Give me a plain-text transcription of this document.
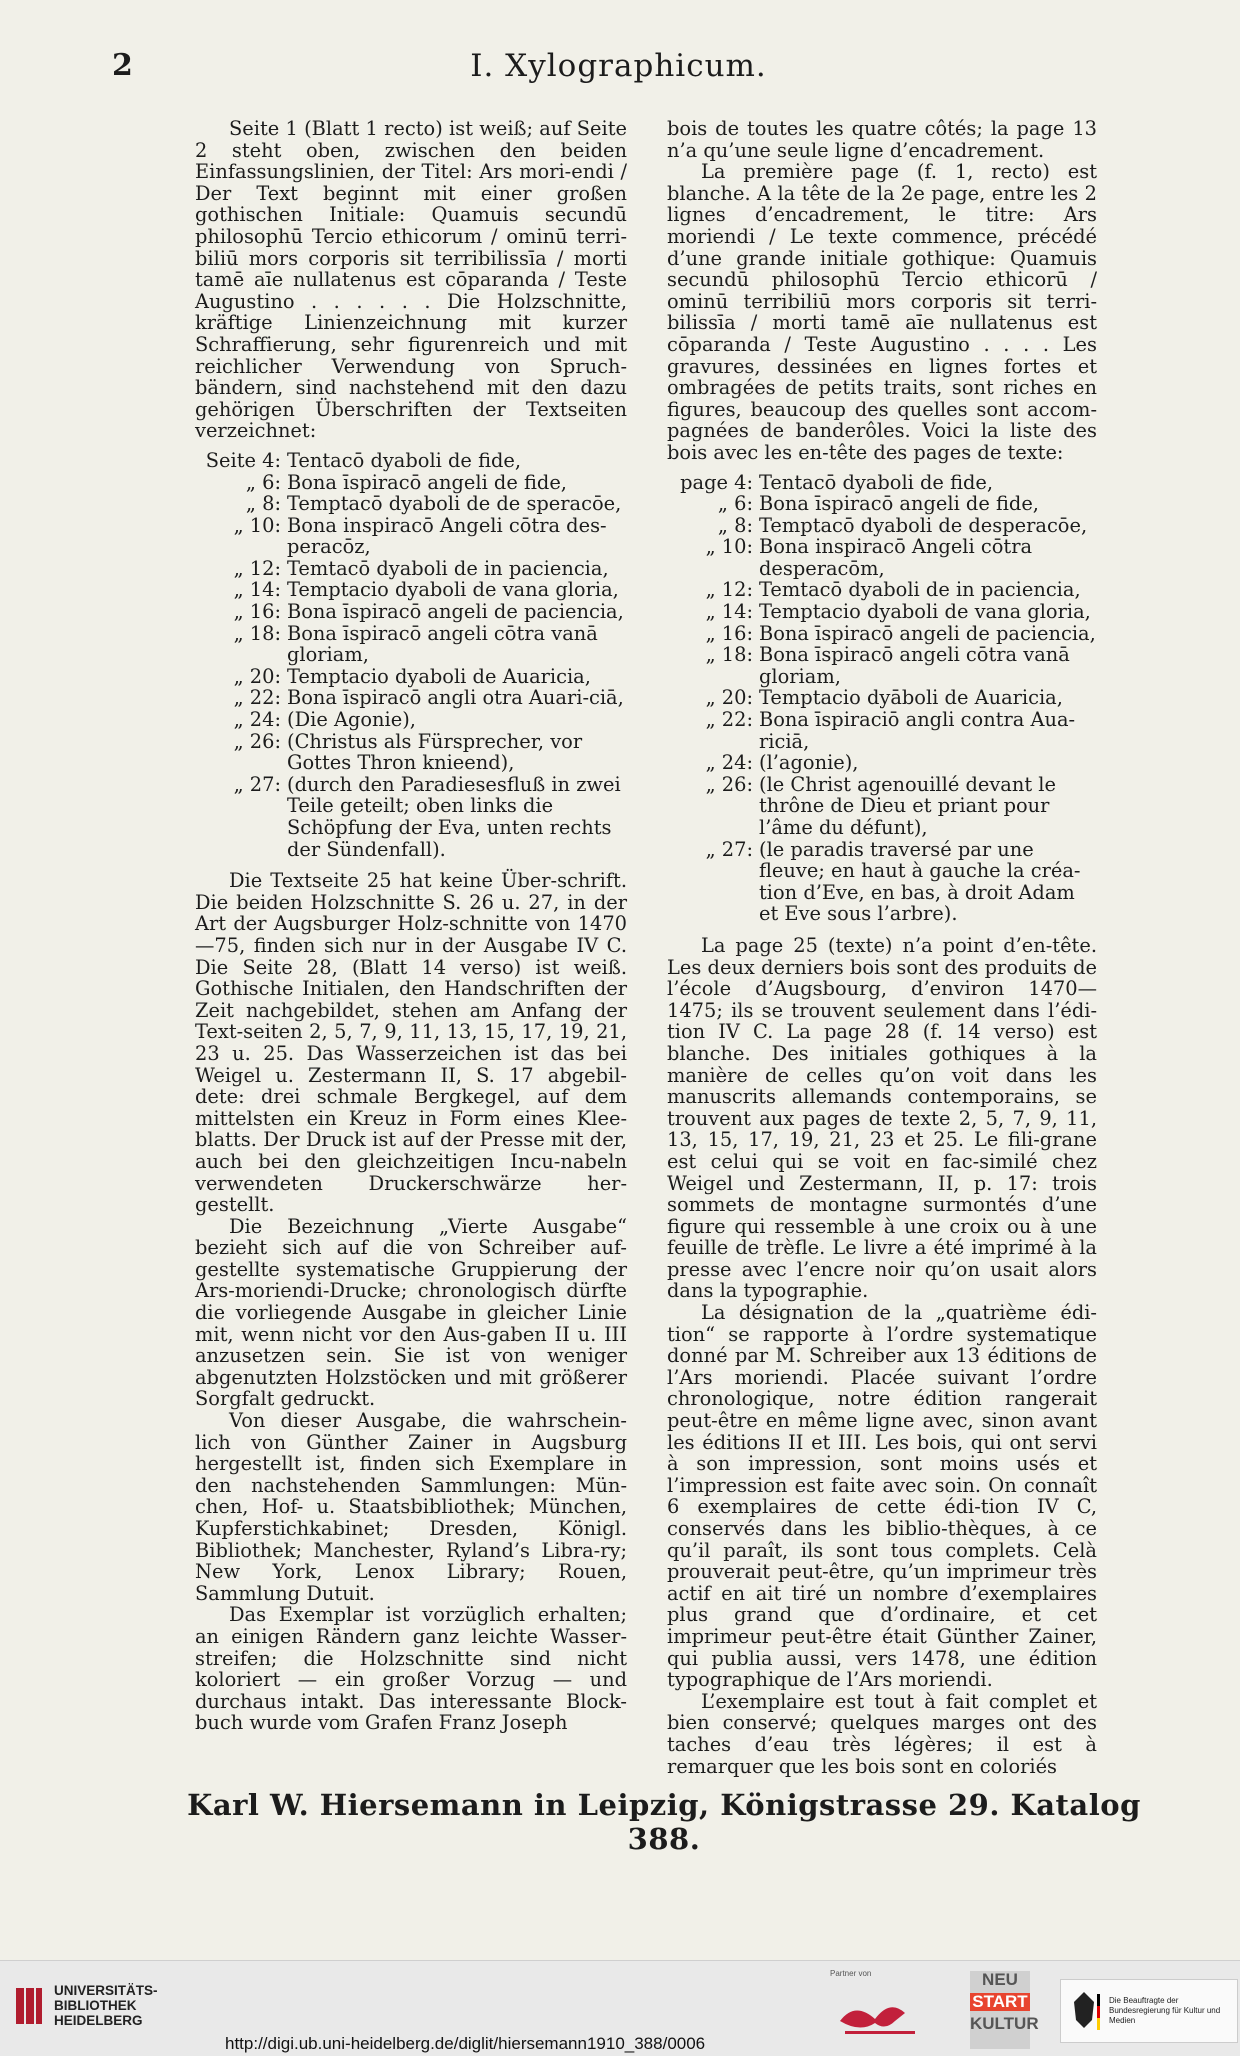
2	I. Xylographicum.

Seite 1 (Blatt 1 recto) ist weiß; auf Seite 2 steht oben, zwischen den beiden Einfassungslinien, der Titel: Ars mori-endi / Der Text beginnt mit einer großen gothischen Initiale: Quamuis secundū philosophū Tercio ethicorum / ominū terri-biliū mors corporis sit terribilissīa / morti tamē aīe nullatenus est cōparanda / Teste Augustino . . . . . . Die Holzschnitte, kräftige Linienzeichnung mit kurzer Schraffierung, sehr figurenreich und mit reichlicher Verwendung von Spruch-bändern, sind nachstehend mit den dazu gehörigen Überschriften der Textseiten verzeichnet:

Seite 4: Tentacō dyaboli de fide,
„ 6: Bona īspiracō angeli de fide,
„ 8: Temptacō dyaboli de de speracōe,
„ 10: Bona inspiracō Angeli cōtra des-peracōz,
„ 12: Temtacō dyaboli de in paciencia,
„ 14: Temptacio dyaboli de vana gloria,
„ 16: Bona īspiracō angeli de paciencia,
„ 18: Bona īspiracō angeli cōtra vanā gloriam,
„ 20: Temptacio dyaboli de Auaricia,
„ 22: Bona īspiracō angli otra Auari-ciā,
„ 24: (Die Agonie),
„ 26: (Christus als Fürsprecher, vor Gottes Thron knieend),
„ 27: (durch den Paradiesesfluß in zwei Teile geteilt; oben links die Schöpfung der Eva, unten rechts der Sündenfall).

Die Textseite 25 hat keine Über-schrift. Die beiden Holzschnitte S. 26 u. 27, in der Art der Augsburger Holz-schnitte von 1470—75, finden sich nur in der Ausgabe IV C. Die Seite 28, (Blatt 14 verso) ist weiß. Gothische Initialen, den Handschriften der Zeit nachgebildet, stehen am Anfang der Text-seiten 2, 5, 7, 9, 11, 13, 15, 17, 19, 21, 23 u. 25. Das Wasserzeichen ist das bei Weigel u. Zestermann II, S. 17 abgebil-dete: drei schmale Bergkegel, auf dem mittelsten ein Kreuz in Form eines Klee-blatts. Der Druck ist auf der Presse mit der, auch bei den gleichzeitigen Incu-nabeln verwendeten Druckerschwärze her-gestellt.

Die Bezeichnung „Vierte Ausgabe“ bezieht sich auf die von Schreiber auf-gestellte systematische Gruppierung der Ars-moriendi-Drucke; chronologisch dürfte die vorliegende Ausgabe in gleicher Linie mit, wenn nicht vor den Aus-gaben II u. III anzusetzen sein. Sie ist von weniger abgenutzten Holzstöcken und mit größerer Sorgfalt gedruckt.

Von dieser Ausgabe, die wahrschein-lich von Günther Zainer in Augsburg hergestellt ist, finden sich Exemplare in den nachstehenden Sammlungen: Mün-chen, Hof- u. Staatsbibliothek; München, Kupferstichkabinet; Dresden, Königl. Bibliothek; Manchester, Ryland’s Libra-ry; New York, Lenox Library; Rouen, Sammlung Dutuit.

Das Exemplar ist vorzüglich erhalten; an einigen Rändern ganz leichte Wasser-streifen; die Holzschnitte sind nicht koloriert — ein großer Vorzug — und durchaus intakt. Das interessante Block-buch wurde vom Grafen Franz Joseph

bois de toutes les quatre côtés; la page 13 n’a qu’une seule ligne d’encadrement.

La première page (f. 1, recto) est blanche. A la tête de la 2e page, entre les 2 lignes d’encadrement, le titre: Ars moriendi / Le texte commence, précédé d’une grande initiale gothique: Quamuis secundū philosophū Tercio ethicorū / ominū terribiliū mors corporis sit terri-bilissīa / morti tamē aīe nullatenus est cōparanda / Teste Augustino . . . . Les gravures, dessinées en lignes fortes et ombragées de petits traits, sont riches en figures, beaucoup des quelles sont accom-pagnées de banderôles. Voici la liste des bois avec les en-tête des pages de texte:

page 4: Tentacō dyaboli de fide,
„ 6: Bona īspiracō angeli de fide,
„ 8: Temptacō dyaboli de desperacōe,
„ 10: Bona inspiracō Angeli cōtra desperacōm,
„ 12: Temtacō dyaboli de in paciencia,
„ 14: Temptacio dyaboli de vana gloria,
„ 16: Bona īspiracō angeli de paciencia,
„ 18: Bona īspiracō angeli cōtra vanā gloriam,
„ 20: Temptacio dyāboli de Auaricia,
„ 22: Bona īspiraciō angli contra Aua-riciā,
„ 24: (l’agonie),
„ 26: (le Christ agenouillé devant le thrône de Dieu et priant pour l’âme du défunt),
„ 27: (le paradis traversé par une fleuve; en haut à gauche la créa-tion d’Eve, en bas, à droit Adam et Eve sous l’arbre).

La page 25 (texte) n’a point d’en-tête. Les deux derniers bois sont des produits de l’école d’Augsbourg, d’environ 1470—1475; ils se trouvent seulement dans l’édi-tion IV C. La page 28 (f. 14 verso) est blanche. Des initiales gothiques à la manière de celles qu’on voit dans les manuscrits allemands contemporains, se trouvent aux pages de texte 2, 5, 7, 9, 11, 13, 15, 17, 19, 21, 23 et 25. Le fili-grane est celui qui se voit en fac-similé chez Weigel und Zestermann, II, p. 17: trois sommets de montagne surmontés d’une figure qui ressemble à une croix ou à une feuille de trèfle. Le livre a été imprimé à la presse avec l’encre noir qu’on usait alors dans la typographie.

La désignation de la „quatrième édi-tion“ se rapporte à l’ordre systematique donné par M. Schreiber aux 13 éditions de l’Ars moriendi. Placée suivant l’ordre chronologique, notre édition rangerait peut-être en même ligne avec, sinon avant les éditions II et III. Les bois, qui ont servi à son impression, sont moins usés et l’impression est faite avec soin. On connaît 6 exemplaires de cette édi-tion IV C, conservés dans les biblio-thèques, à ce qu’il paraît, ils sont tous complets. Celà prouverait peut-être, qu’un imprimeur très actif en ait tiré un nombre d’exemplaires plus grand que d’ordinaire, et cet imprimeur peut-être était Günther Zainer, qui publia aussi, vers 1478, une édition typographique de l’Ars moriendi.

L’exemplaire est tout à fait complet et bien conservé; quelques marges ont des taches d’eau très légères; il est à remarquer que les bois sont en coloriés

Karl W. Hiersemann in Leipzig, Königstrasse 29. Katalog 388.
UNIVERSITÄTS-
BIBLIOTHEK
HEIDELBERG
http://digi.ub.uni-heidelberg.de/diglit/hiersemann1910_388/0006
Partner von	NEU
START
KULTUR
Die Beauftragte der Bundesregierung für Kultur und Medien
